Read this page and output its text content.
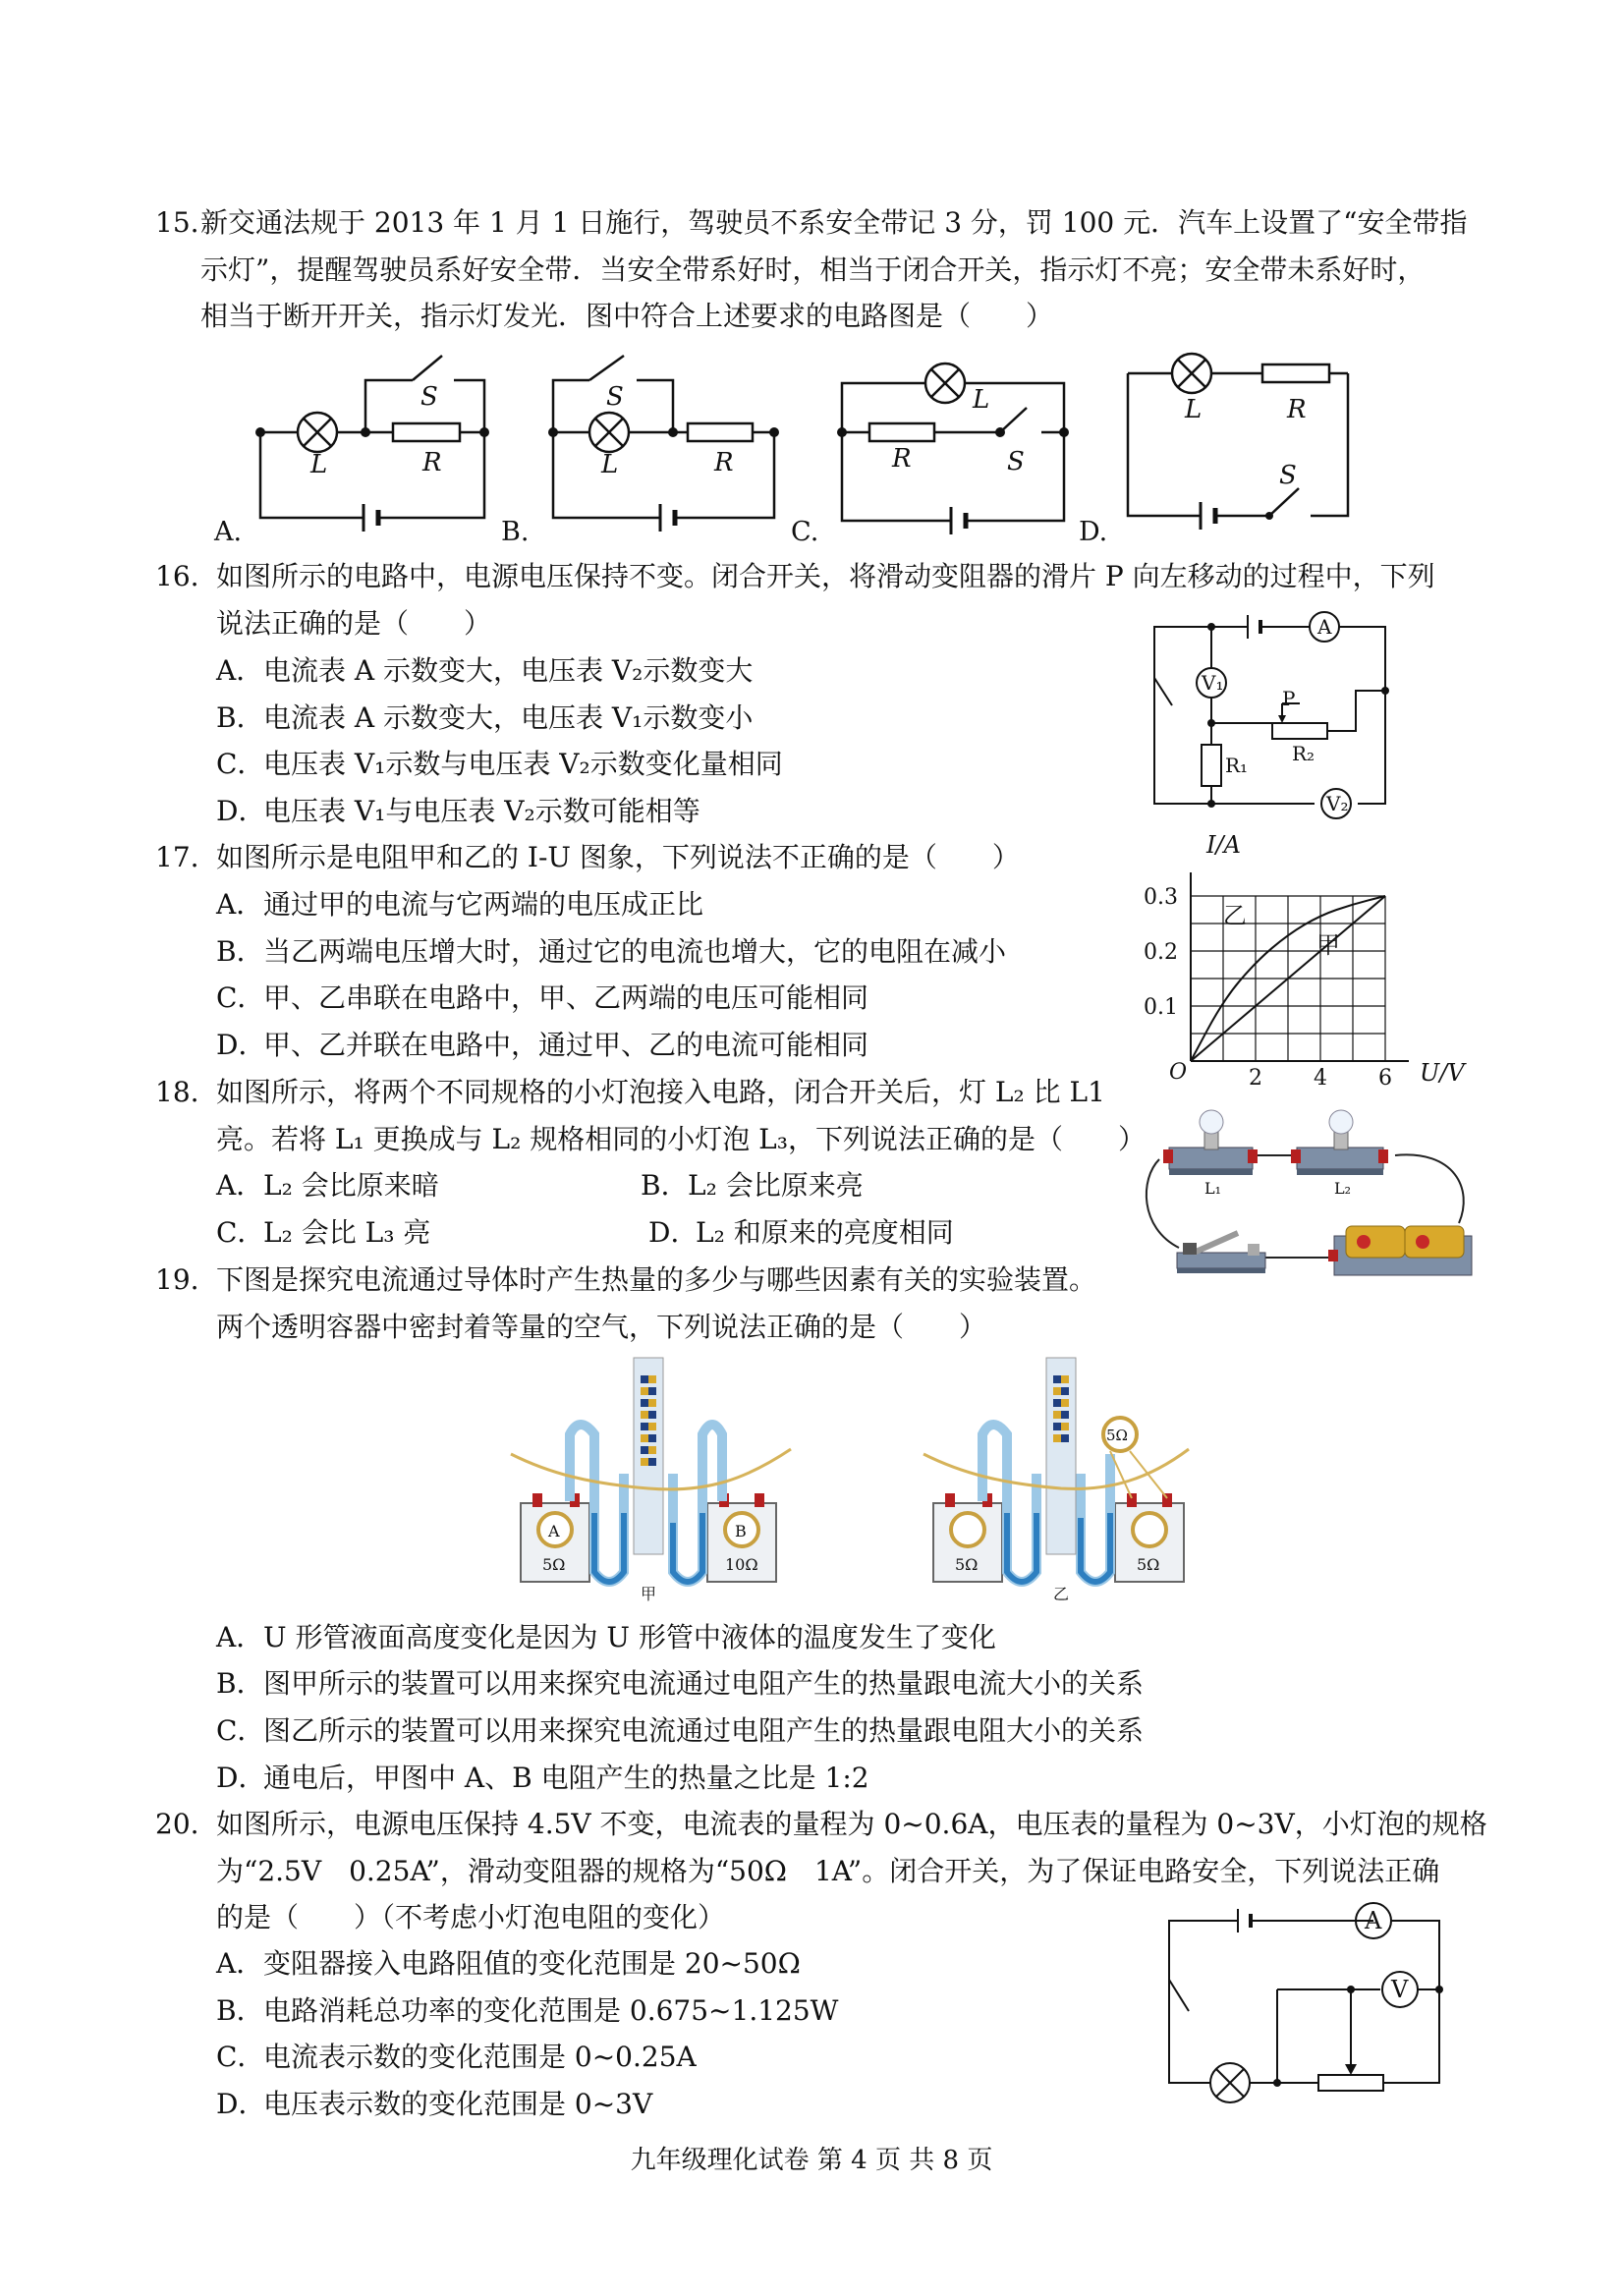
15. 新交通法规于 2013 年 1 月 1 日施行，驾驶员不系安全带记 3 分，罚 100 元．汽车上设置了“安全带指
示灯”，提醒驾驶员系好安全带．当安全带系好时，相当于闭合开关，指示灯不亮；安全带未系好时，
相当于断开开关，指示灯发光．图中符合上述要求的电路图是（　　）
L	R
S
L	R
S	L
R	S
L	R
S
A.	B.	C.	D.
16. 如图所示的电路中，电源电压保持不变。闭合开关，将滑动变阻器的滑片 P 向左移动的过程中，下列
说法正确的是（　　）
A．电流表 A 示数变大，电压表 V₂示数变大
B．电流表 A 示数变大，电压表 V₁示数变小
C．电压表 V₁示数与电压表 V₂示数变化量相同
D．电压表 V₁与电压表 V₂示数可能相等
A
V₁
V₂
P
R₂
R₁
17. 如图所示是电阻甲和乙的 I-U 图象，下列说法不正确的是（　　）
A．通过甲的电流与它两端的电压成正比
B．当乙两端电压增大时，通过它的电流也增大，它的电阻在减小
C．甲、乙串联在电路中，甲、乙两端的电压可能相同
D．甲、乙并联在电路中，通过甲、乙的电流可能相同
2 4 6
0.1
0.2
0.3
I/A
U/V
O
乙
甲
18. 如图所示，将两个不同规格的小灯泡接入电路，闭合开关后，灯 L₂ 比 L1
亮。若将 L₁ 更换成与 L₂ 规格相同的小灯泡 L₃，下列说法正确的是（　　）
A．L₂ 会比原来暗	B．L₂ 会比原来亮
C．L₂ 会比 L₃ 亮	D．L₂ 和原来的亮度相同
L₁	L₂
19. 下图是探究电流通过导体时产生热量的多少与哪些因素有关的实验装置。
两个透明容器中密封着等量的空气，下列说法正确的是（　　）
A	B
5Ω	10Ω
甲
5Ω
5Ω	5Ω
乙
A．U 形管液面高度变化是因为 U 形管中液体的温度发生了变化
B．图甲所示的装置可以用来探究电流通过电阻产生的热量跟电流大小的关系
C．图乙所示的装置可以用来探究电流通过电阻产生的热量跟电阻大小的关系
D．通电后，甲图中 A、B 电阻产生的热量之比是 1:2
20. 如图所示，电源电压保持 4.5V 不变，电流表的量程为 0~0.6A，电压表的量程为 0~3V，小灯泡的规格
为“2.5V　0.25A”，滑动变阻器的规格为“50Ω　1A”。闭合开关，为了保证电路安全，下列说法正确
的是（　　）（不考虑小灯泡电阻的变化）
A．变阻器接入电路阻值的变化范围是 20~50Ω
B．电路消耗总功率的变化范围是 0.675~1.125W
C．电流表示数的变化范围是 0~0.25A
D．电压表示数的变化范围是 0~3V
A
V
九年级理化试卷 第 4 页 共 8 页
